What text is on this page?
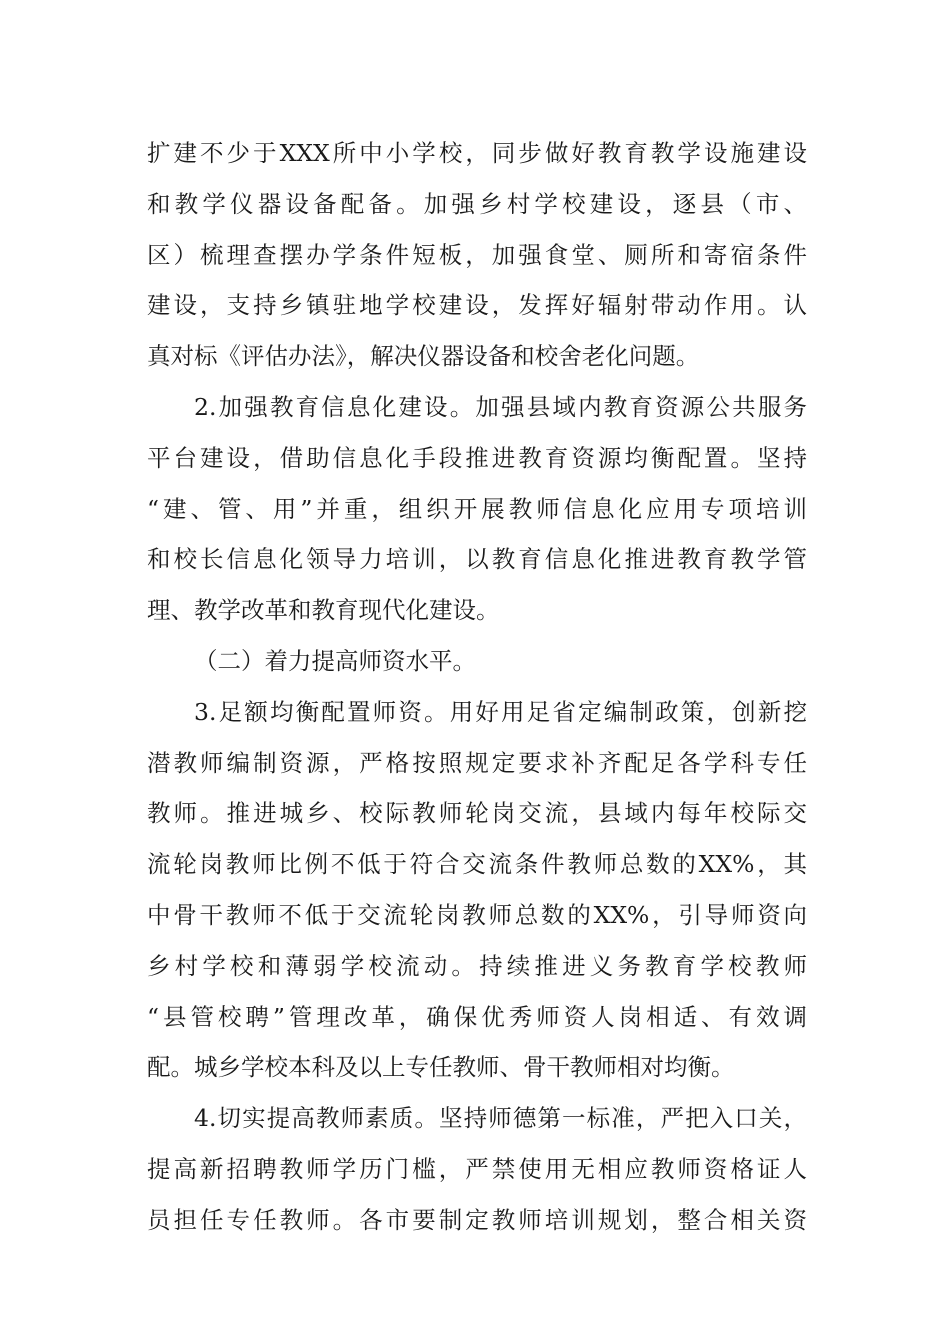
扩建不少于XXX所中小学校，同步做好教育教学设施建设
和教学仪器设备配备。加强乡村学校建设，逐县（市、
区）梳理查摆办学条件短板，加强食堂、厕所和寄宿条件
建设，支持乡镇驻地学校建设，发挥好辐射带动作用。认
真对标《评估办法》，解决仪器设备和校舍老化问题。
2.加强教育信息化建设。加强县域内教育资源公共服务
平台建设，借助信息化手段推进教育资源均衡配置。坚持
“建、管、用”并重，组织开展教师信息化应用专项培训
和校长信息化领导力培训，以教育信息化推进教育教学管
理、教学改革和教育现代化建设。
（二）着力提高师资水平。
3.足额均衡配置师资。用好用足省定编制政策，创新挖
潜教师编制资源，严格按照规定要求补齐配足各学科专任
教师。推进城乡、校际教师轮岗交流，县域内每年校际交
流轮岗教师比例不低于符合交流条件教师总数的XX%，其
中骨干教师不低于交流轮岗教师总数的XX%，引导师资向
乡村学校和薄弱学校流动。持续推进义务教育学校教师
“县管校聘”管理改革，确保优秀师资人岗相适、有效调
配。城乡学校本科及以上专任教师、骨干教师相对均衡。
4.切实提高教师素质。坚持师德第一标准，严把入口关，
提高新招聘教师学历门槛，严禁使用无相应教师资格证人
员担任专任教师。各市要制定教师培训规划，整合相关资
